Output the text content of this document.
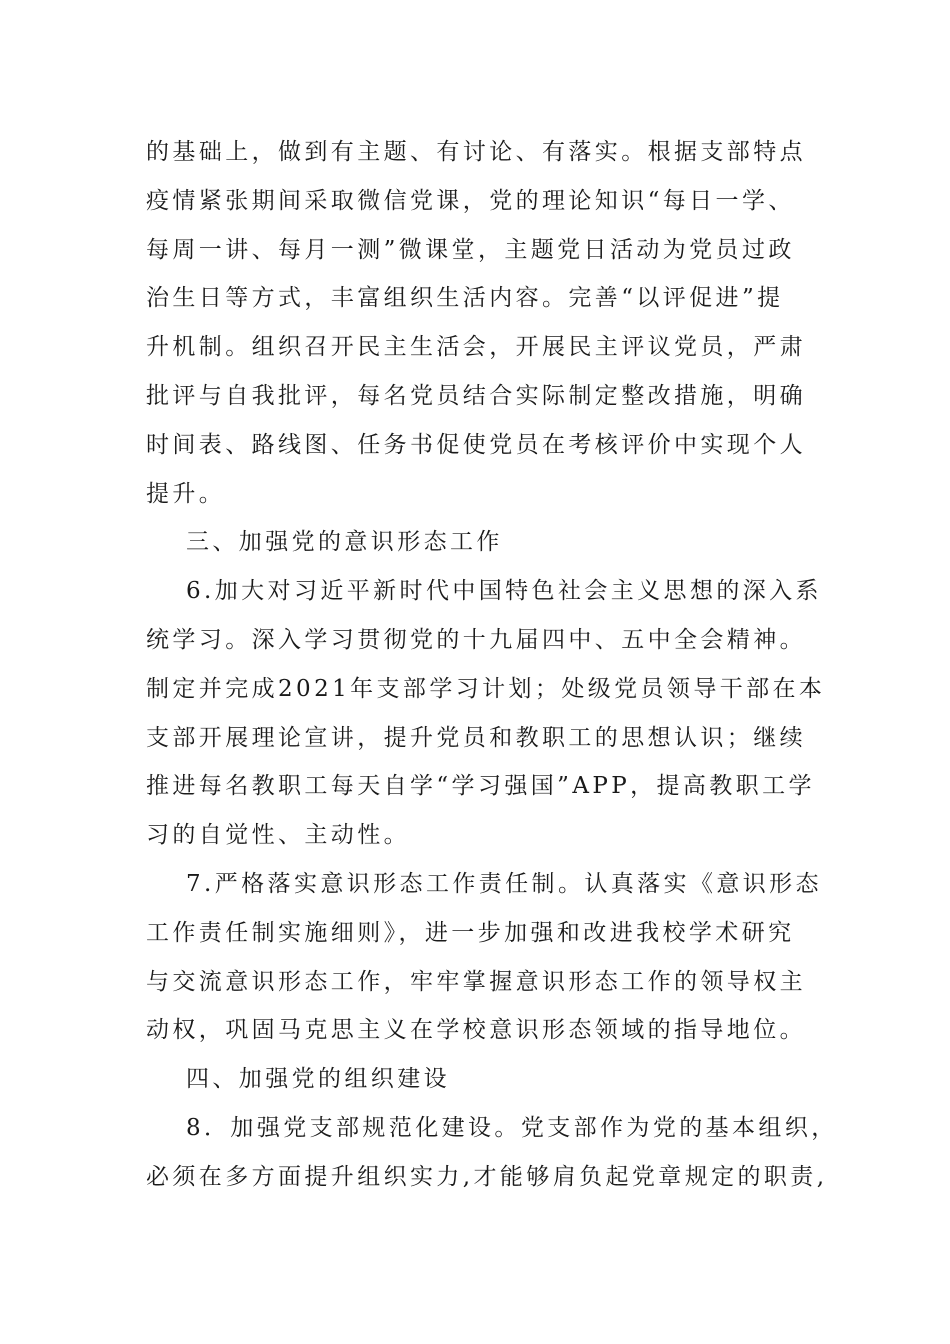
的基础上，做到有主题、有讨论、有落实。根据支部特点
疫情紧张期间采取微信党课，党的理论知识“每日一学、
每周一讲、每月一测”微课堂，主题党日活动为党员过政
治生日等方式，丰富组织生活内容。完善“以评促进”提
升机制。组织召开民主生活会，开展民主评议党员，严肃
批评与自我批评，每名党员结合实际制定整改措施，明确
时间表、路线图、任务书促使党员在考核评价中实现个人
提升。
三、加强党的意识形态工作
6.加大对习近平新时代中国特色社会主义思想的深入系
统学习。深入学习贯彻党的十九届四中、五中全会精神。
制定并完成2021年支部学习计划；处级党员领导干部在本
支部开展理论宣讲，提升党员和教职工的思想认识；继续
推进每名教职工每天自学“学习强国”APP，提高教职工学
习的自觉性、主动性。
7.严格落实意识形态工作责任制。认真落实《意识形态
工作责任制实施细则》，进一步加强和改进我校学术研究
与交流意识形态工作，牢牢掌握意识形态工作的领导权主
动权，巩固马克思主义在学校意识形态领域的指导地位。
四、加强党的组织建设
8．加强党支部规范化建设。党支部作为党的基本组织，
必须在多方面提升组织实力,才能够肩负起党章规定的职责,
